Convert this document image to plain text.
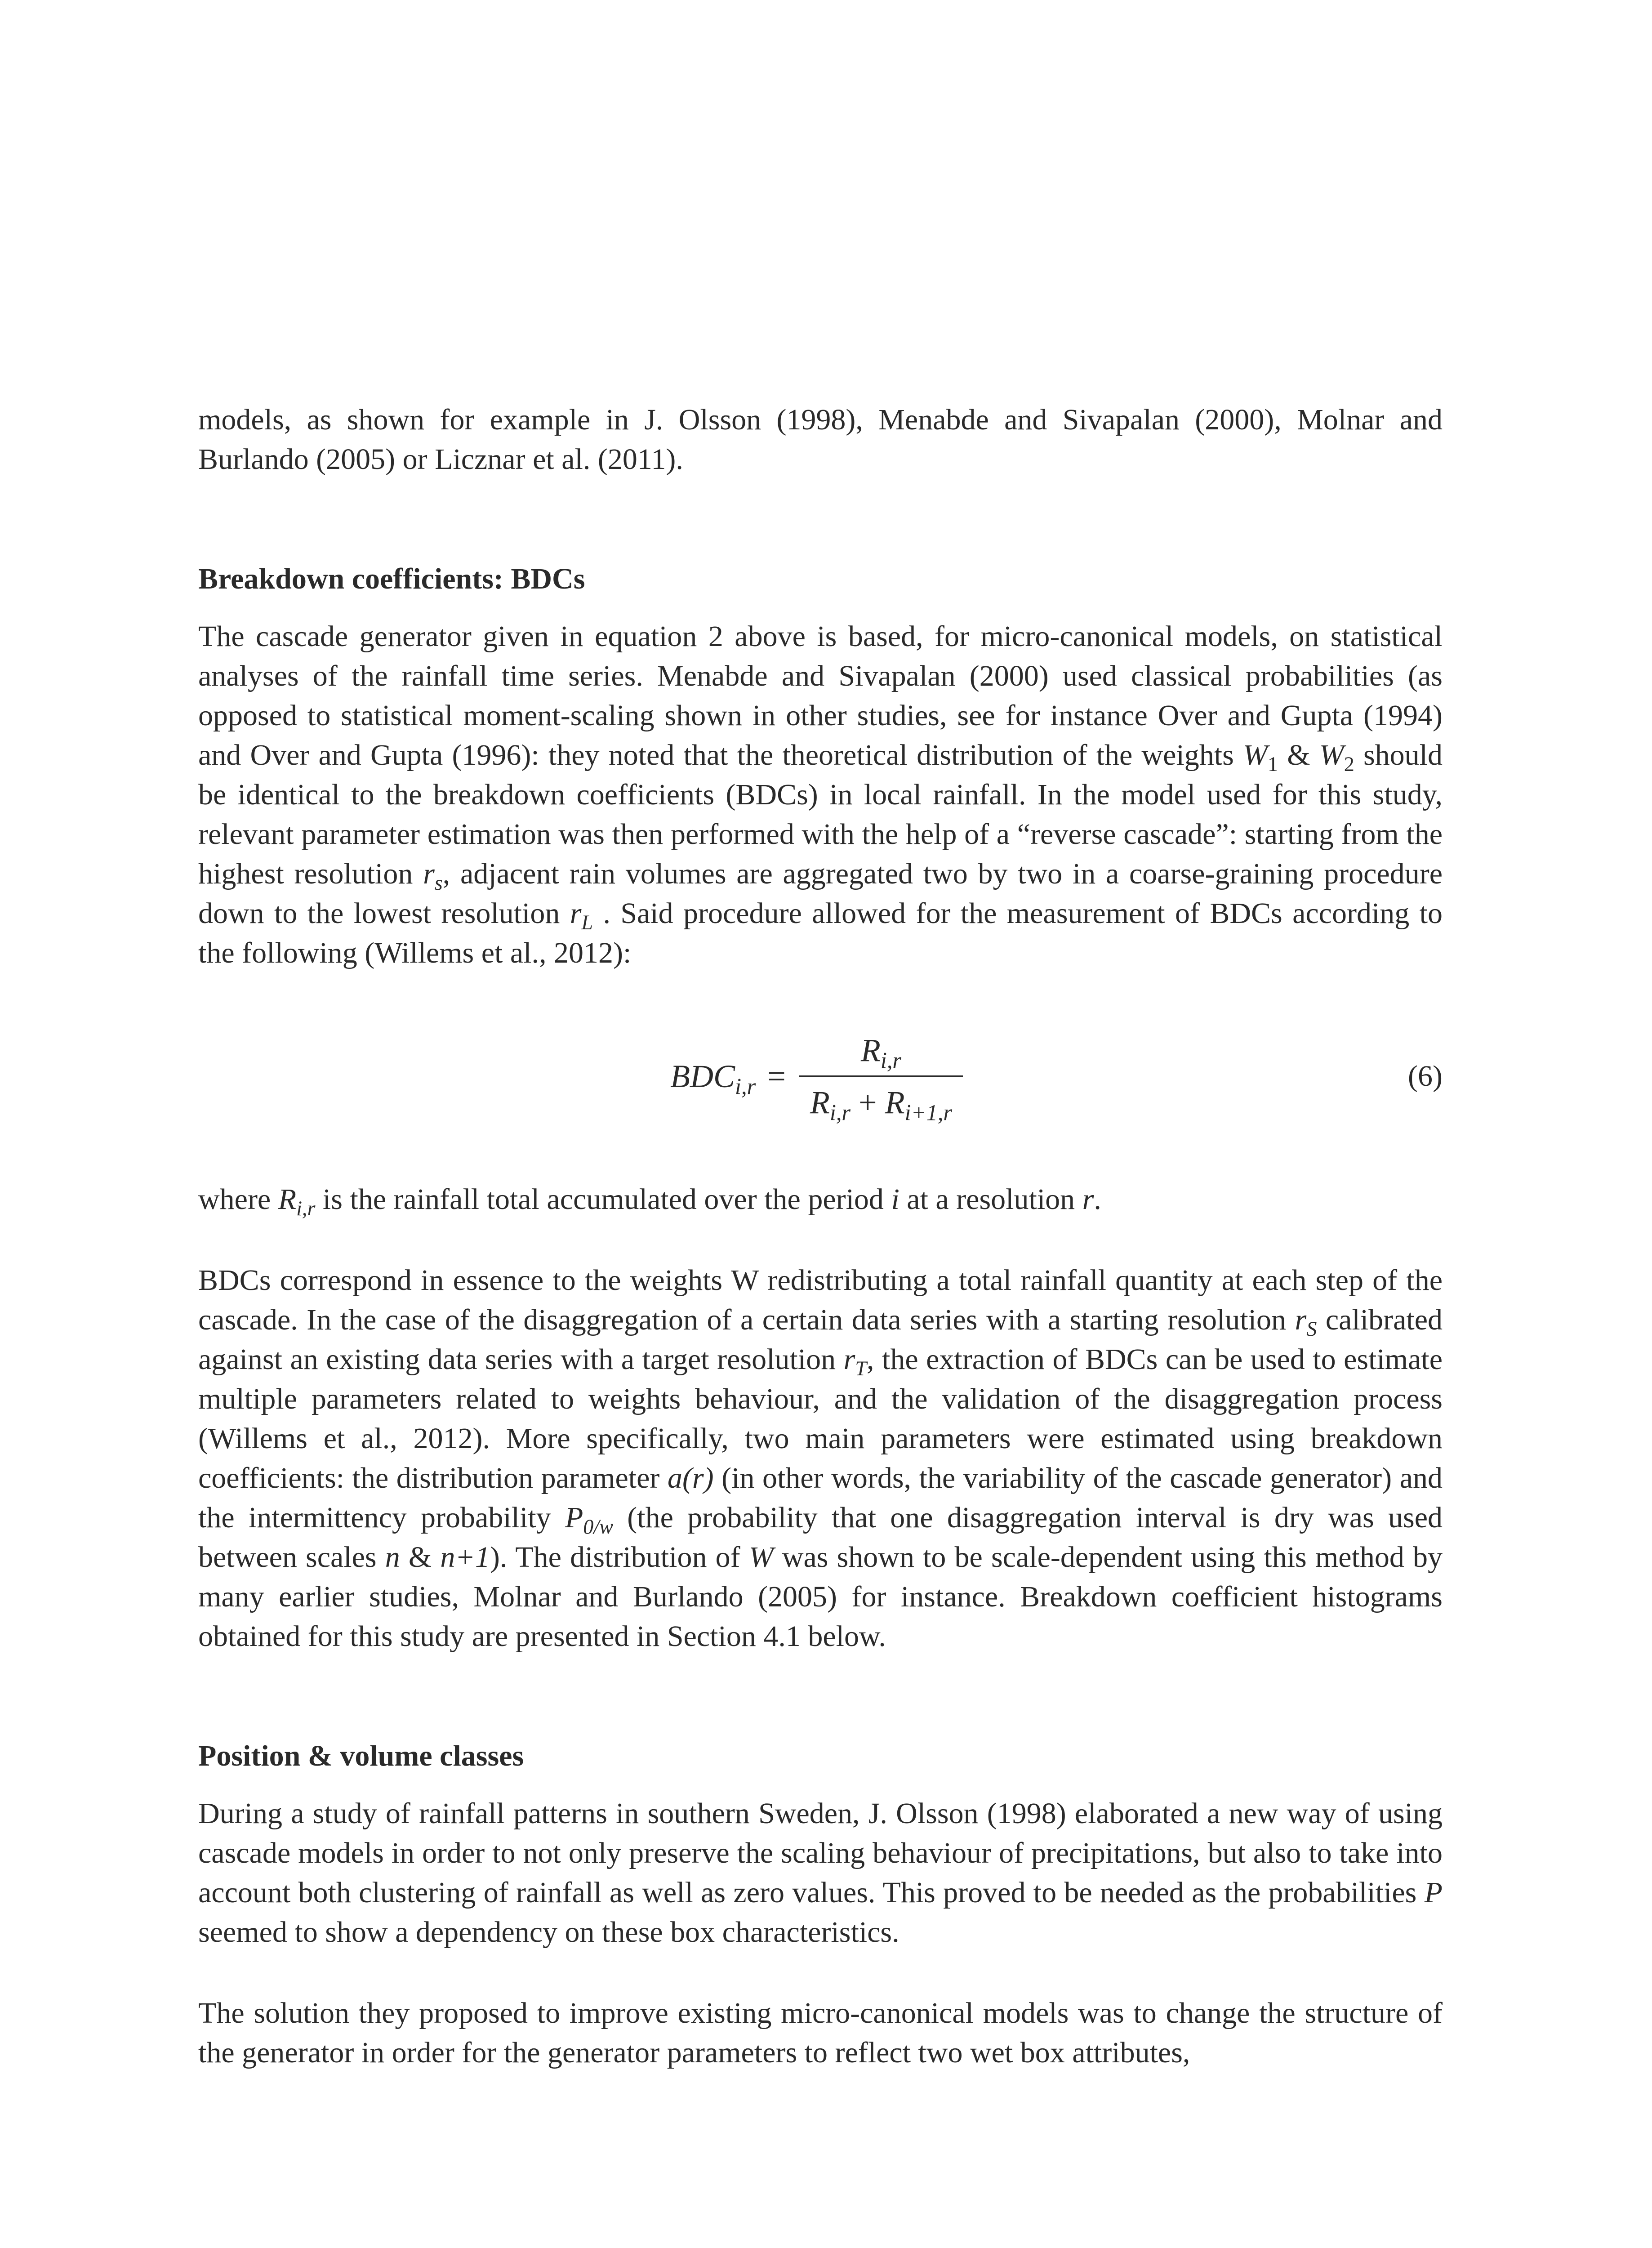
models, as shown for example in J. Olsson (1998), Menabde and Sivapalan (2000), Molnar and Burlando (2005) or Licznar et al. (2011).

Breakdown coefficients: BDCs

The cascade generator given in equation 2 above is based, for micro-canonical models, on statistical analyses of the rainfall time series. Menabde and Sivapalan (2000) used classical probabilities (as opposed to statistical moment-scaling shown in other studies, see for instance Over and Gupta (1994) and Over and Gupta (1996): they noted that the theoretical distribution of the weights $W_1$ & $W_2$ should be identical to the breakdown coefficients (BDCs) in local rainfall. In the model used for this study, relevant parameter estimation was then performed with the help of a “reverse cascade”: starting from the highest resolution $r_s$, adjacent rain volumes are aggregated two by two in a coarse-graining procedure down to the lowest resolution $r_L$ . Said procedure allowed for the measurement of BDCs according to the following (Willems et al., 2012):

$BDC_{i,r} = \frac{R_{i,r}}{R_{i,r} + R_{i+1,r}}$	(6)

where $R_{i,r}$ is the rainfall total accumulated over the period i at a resolution r.

BDCs correspond in essence to the weights W redistributing a total rainfall quantity at each step of the cascade. In the case of the disaggregation of a certain data series with a starting resolution $r_S$ calibrated against an existing data series with a target resolution $r_T$, the extraction of BDCs can be used to estimate multiple parameters related to weights behaviour, and the validation of the disaggregation process (Willems et al., 2012). More specifically, two main parameters were estimated using breakdown coefficients: the distribution parameter a(r) (in other words, the variability of the cascade generator) and the intermittency probability $P_{0/w}$ (the probability that one disaggregation interval is dry was used between scales n & n+1). The distribution of W was shown to be scale-dependent using this method by many earlier studies, Molnar and Burlando (2005) for instance. Breakdown coefficient histograms obtained for this study are presented in Section 4.1 below.

Position & volume classes

During a study of rainfall patterns in southern Sweden, J. Olsson (1998) elaborated a new way of using cascade models in order to not only preserve the scaling behaviour of precipitations, but also to take into account both clustering of rainfall as well as zero values. This proved to be needed as the probabilities P seemed to show a dependency on these box characteristics.

The solution they proposed to improve existing micro-canonical models was to change the structure of the generator in order for the generator parameters to reflect two wet box attributes,
